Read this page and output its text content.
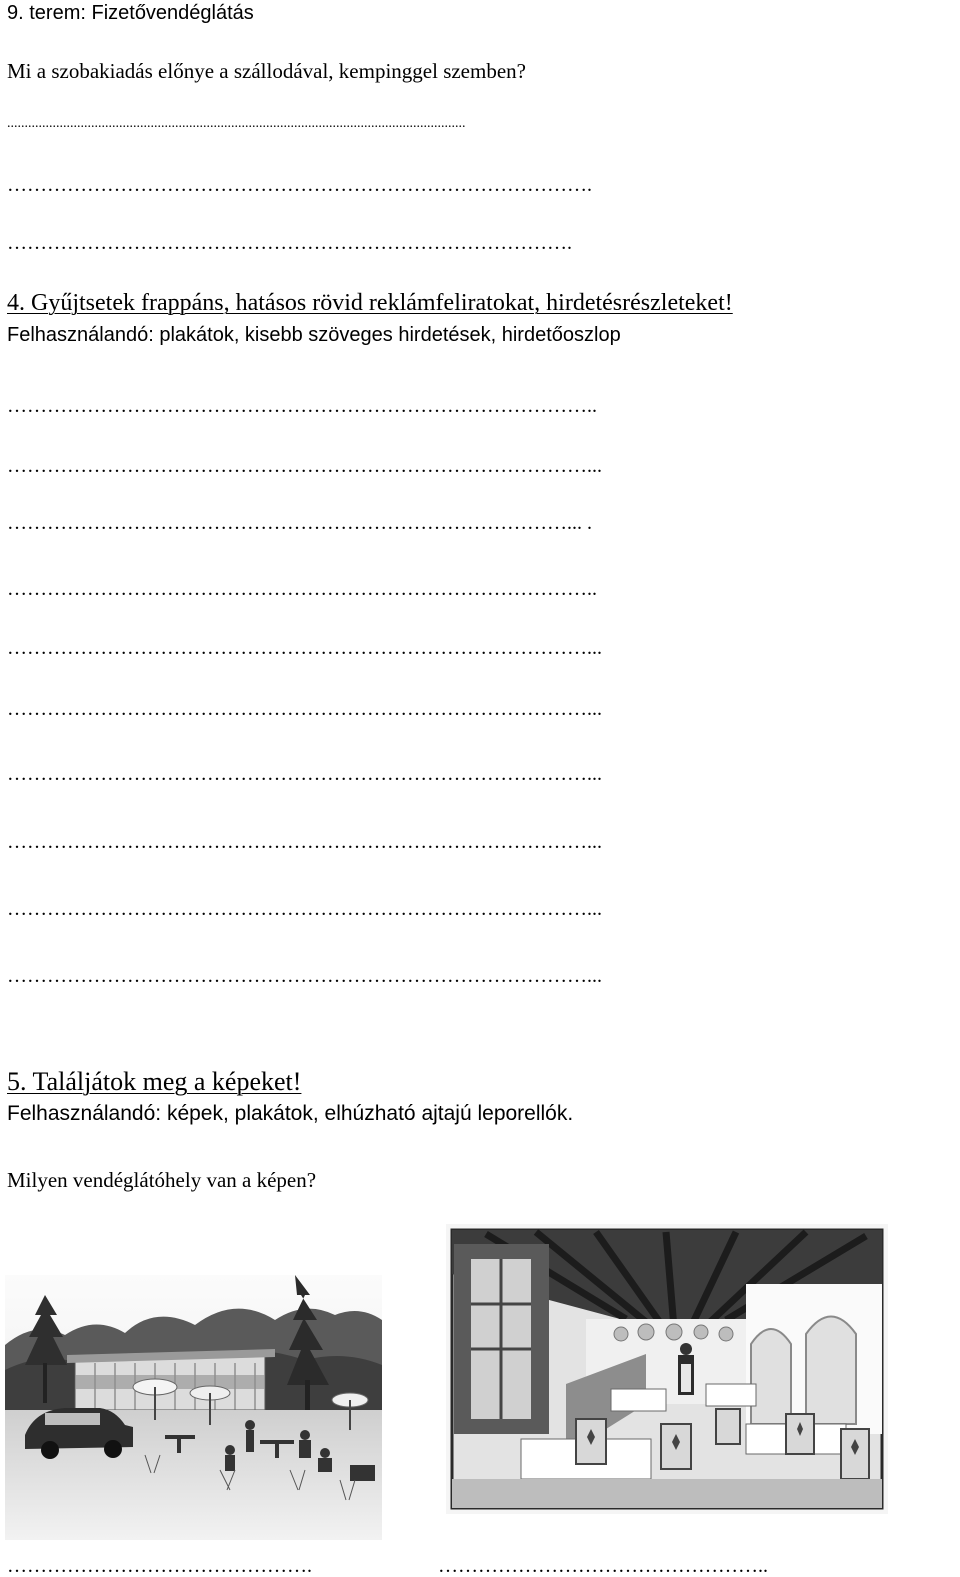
9. terem: Fizetővendéglátás
Mi a szobakiadás előnye a szállodával, kempinggel szemben?
...................................................................................................................................
…………………………………………………………………………….
………………………………………………………………………….
4. Gyűjtsetek frappáns, hatásos rövid reklámfeliratokat, hirdetésrészleteket!
Felhasználandó: plakátok, kisebb szöveges hirdetések, hirdetőoszlop
……………………………………………………………………………..
……………………………………………………………………………...
…………………………………………………………………………... .
……………………………………………………………………………..
……………………………………………………………………………...
……………………………………………………………………………...
……………………………………………………………………………...
……………………………………………………………………………...
……………………………………………………………………………...
……………………………………………………………………………...
5. Találjátok meg a képeket!
Felhasználandó: képek, plakátok, elhúzható ajtajú leporellók.
Milyen vendéglátóhely van a képen?
……………………………………….	…………………………………………..
